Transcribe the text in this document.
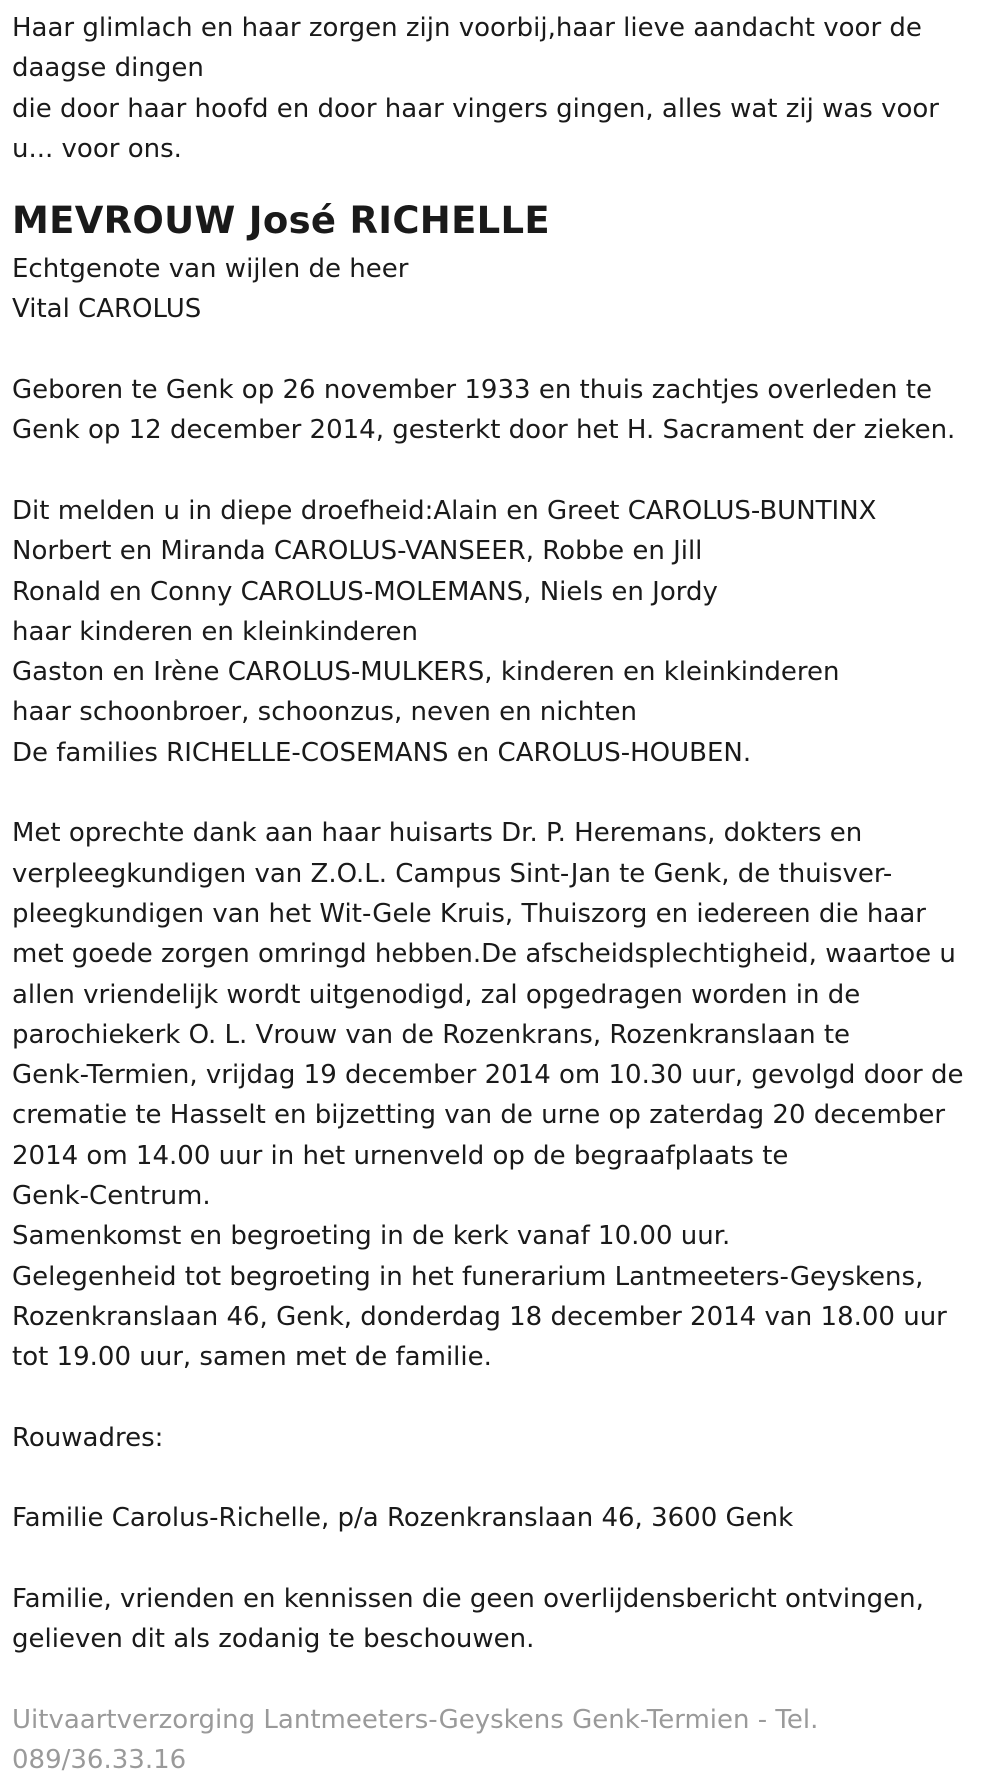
Haar glimlach en haar zorgen zijn voorbij,haar lieve aandacht voor de
daagse dingen
die door haar hoofd en door haar vingers gingen, alles wat zij was voor
u... voor ons.

MEVROUW José RICHELLE

Echtgenote van wijlen de heer
Vital CAROLUS

Geboren te Genk op 26 november 1933 en thuis zachtjes overleden te
Genk op 12 december 2014, gesterkt door het H. Sacrament der zieken.

Dit melden u in diepe droefheid:Alain en Greet CAROLUS-BUNTINX
Norbert en Miranda CAROLUS-VANSEER, Robbe en Jill
Ronald en Conny CAROLUS-MOLEMANS, Niels en Jordy
haar kinderen en kleinkinderen
Gaston en Irène CAROLUS-MULKERS, kinderen en kleinkinderen
haar schoonbroer, schoonzus, neven en nichten
De families RICHELLE-COSEMANS en CAROLUS-HOUBEN.

Met oprechte dank aan haar huisarts Dr. P. Heremans, dokters en
verpleegkundigen van Z.O.L. Campus Sint-Jan te Genk, de thuisver-
pleegkundigen van het Wit-Gele Kruis, Thuiszorg en iedereen die haar
met goede zorgen omringd hebben.De afscheidsplechtigheid, waartoe u
allen vriendelijk wordt uitgenodigd, zal opgedragen worden in de
parochiekerk O. L. Vrouw van de Rozenkrans, Rozenkranslaan te
Genk-Termien, vrijdag 19 december 2014 om 10.30 uur, gevolgd door de
crematie te Hasselt en bijzetting van de urne op zaterdag 20 december
2014 om 14.00 uur in het urnenveld op de begraafplaats te
Genk-Centrum.
Samenkomst en begroeting in de kerk vanaf 10.00 uur.
Gelegenheid tot begroeting in het funerarium Lantmeeters-Geyskens,
Rozenkranslaan 46, Genk, donderdag 18 december 2014 van 18.00 uur
tot 19.00 uur, samen met de familie.

Rouwadres:

Familie Carolus-Richelle, p/a Rozenkranslaan 46, 3600 Genk

Familie, vrienden en kennissen die geen overlijdensbericht ontvingen,
gelieven dit als zodanig te beschouwen.

Uitvaartverzorging Lantmeeters-Geyskens Genk-Termien - Tel.
089/36.33.16
